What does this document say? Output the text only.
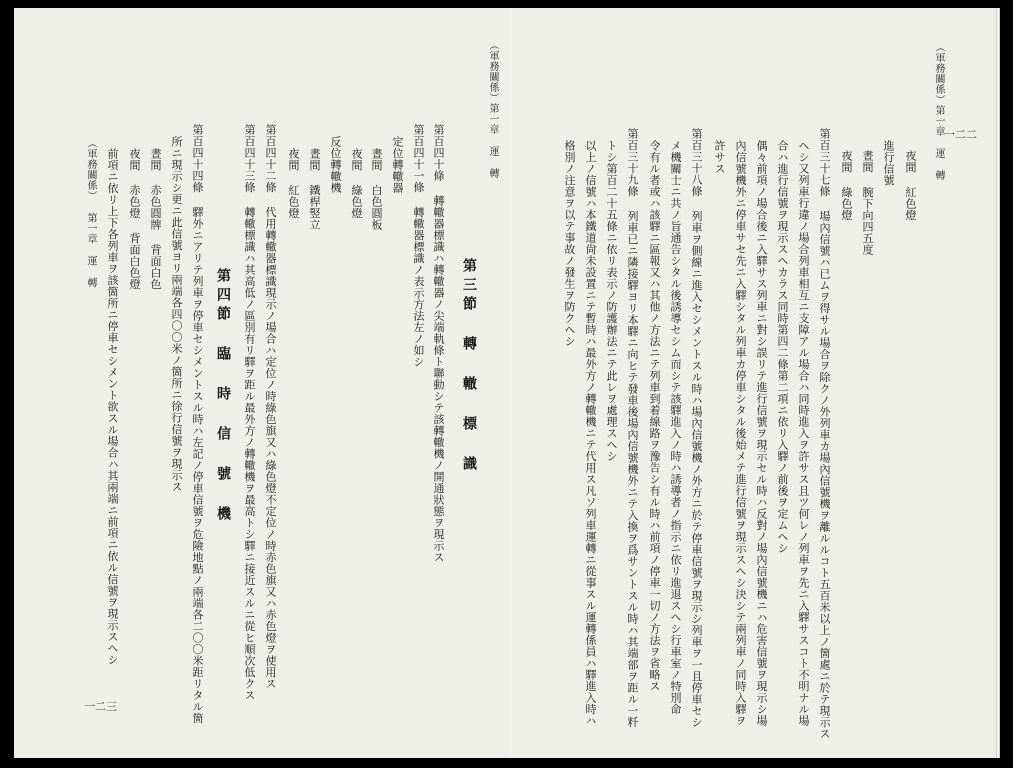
（軍務關係）第一章 運 轉
第三節 轉 轍 標 識
第百四十條 轉轍器標識ハ轉轍器ノ尖端軌條ト聯動シテ該轉轍機ノ開通狀態ヲ現示ス
第百四十一條 轉轍器標識ノ表示方法左ノ如シ
定位轉轍器
晝間 白色圓板
夜間 綠色燈
反位轉轍機
晝間 鐵桿竪立
夜間 紅色燈
第百四十二條 代用轉轍器標識現示ノ場合ハ定位ノ時綠色旗又ハ綠色燈不定位ノ時赤色旗又ハ赤色燈ヲ使用ス
第百四十三條 轉轍標識ハ其高低ノ區別有リ驛ヲ距ル最外方ノ轉轍機ヲ最高トシ驛ニ接近スルニ從ヒ順次低クス
第四節 臨 時 信 號 機
第百四十四條 驛外ニアリテ列車ヲ停車セシメントスル時ハ左記ノ停車信號ヲ危險地點ノ兩端各二〇〇米距リタル箇
所ニ現示シ更ニ此信號ヨリ兩端各四〇〇米ノ箇所ニ徐行信號ヲ現示ス
晝間 赤色圓牌 背面白色
夜間 赤色燈 背面白色燈
前項ニ依リ上下各列車ヲ該箇所ニ停車セシメント欲スル場合ハ其兩端ニ前項ニ依ル信號ヲ現示スヘシ
（軍務關係） 第一章 運 轉
一二三
（軍務關係）第一章 運 轉 一二二
夜間 紅色燈
進行信號
晝間 腕下向四五度
夜間 綠色燈
第百三十七條 場內信號ハ已ムヲ得サル場合ヲ除クノ外列車カ場內信號機ヲ離ルルコト五百米以上ノ箇處ニ於テ現示ス
ヘシ又列車行違ノ場合列車相互ニ支障アル場合ハ同時進入ヲ許サス且ツ何レノ列車ヲ先ニ入驛サスコト不明ナル場
合ハ進行信號ヲ現示スヘカラス同時第四二條第二項ニ依リ入驛ノ前後ヲ定ムヘシ
偶々前項ノ場合後ニ入驛サス列車ニ對シ誤リテ進行信號ヲ現示セル時ハ反對ノ場內信號機ニハ危害信號ヲ現示シ場
內信號機外ニ停車サセ先ニ入驛シタル列車カ停車シタル後始メテ進行信號ヲ現示スヘシ決シテ兩列車ノ同時入驛ヲ
許サス
第百三十八條 列車ヲ側線ニ進入セシメントスル時ハ場內信號機ノ外方ニ於テ停車信號ヲ現示シ列車ヲ一且停車セシ
メ機關士ニ共ノ旨通告シタル後誘導セシム而シテ該驛進入ノ時ハ誘導者ノ指示ニ依リ進退スヘシ行車室ノ特別命
令有ル者或ハ該驛ニ區報又ハ其他ノ方法ニテ列車到着線路ヲ豫告シ有ル時ハ前項ノ停車一切ノ方法ヲ省略ス
第百三十九條 列車已ニ隣接驛ヨリ本驛ニ向ヒテ發車後場內信號機外ニテ入換ヲ爲サントスル時ハ其端部ヲ距ル一粁
トシ第百二十五條ニ依リ表示ノ防護辦法ニテ此レヲ處理スヘシ
以上ノ信號ハ本鐵道尙未設置ニテ暫時ハ最外方ノ轉轍機ニテ代用ス凡ソ列車運轉ニ從事スル運轉係員ハ驛進入時ハ
格別ノ注意ヲ以テ事故ノ發生ヲ防クヘシ
